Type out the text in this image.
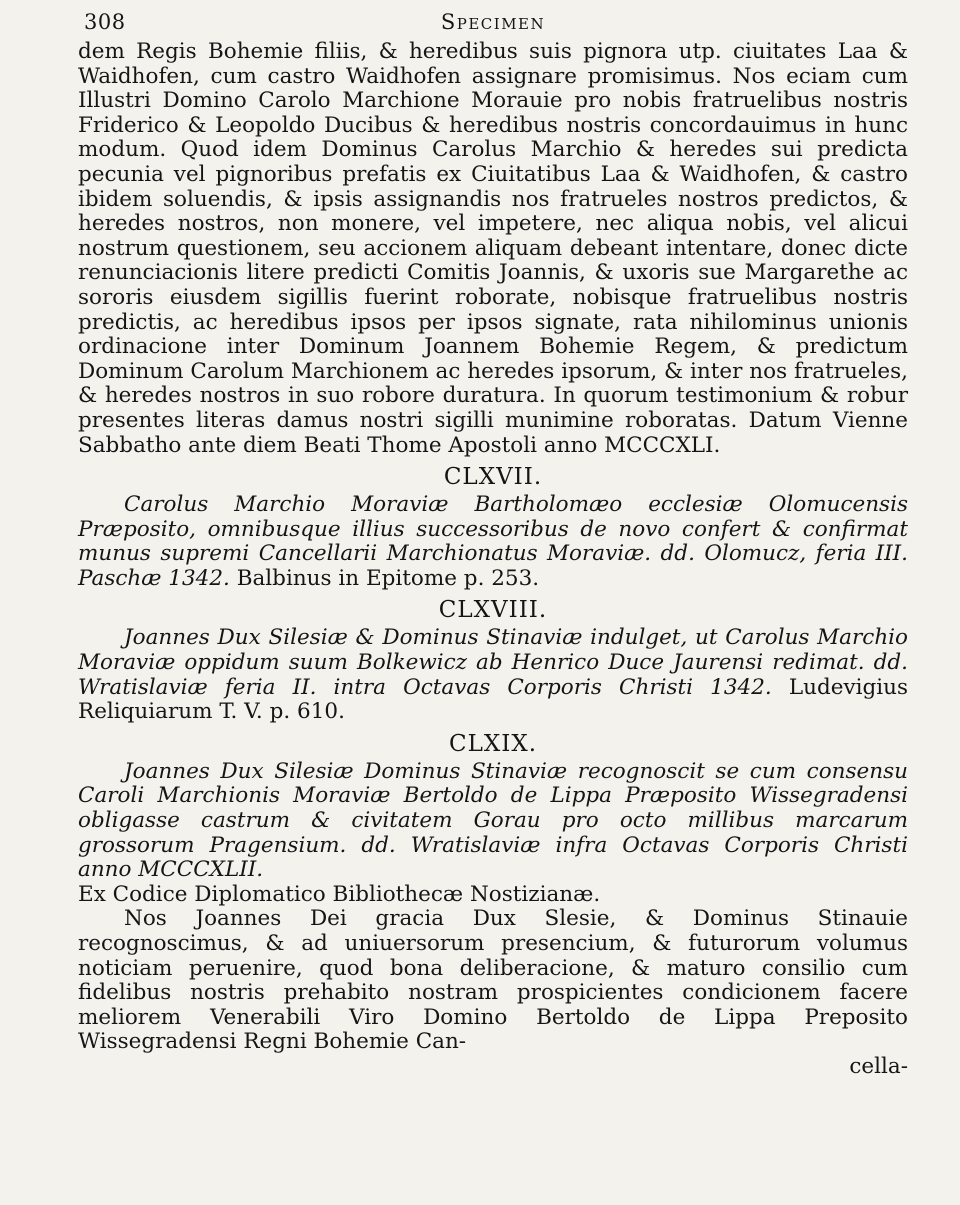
308	Specimen

dem Regis Bohemie filiis, & heredibus suis pignora utp. ciuitates Laa & Waidhofen, cum castro Waidhofen assignare promisimus. Nos eciam cum Illustri Domino Carolo Marchione Morauie pro nobis fratruelibus nostris Friderico & Leopoldo Ducibus & heredibus nostris concordauimus in hunc modum. Quod idem Dominus Carolus Marchio & heredes sui predicta pecunia vel pignoribus prefatis ex Ciuitatibus Laa & Waidhofen, & castro ibidem soluendis, & ipsis assignandis nos fratrueles nostros predictos, & heredes nostros, non monere, vel impetere, nec aliqua nobis, vel alicui nostrum questionem, seu accionem aliquam debeant intentare, donec dicte renunciacionis litere predicti Comitis Joannis, & uxoris sue Margarethe ac sororis eiusdem sigillis fuerint roborate, nobisque fratruelibus nostris predictis, ac heredibus ipsos per ipsos signate, rata nihilominus unionis ordinacione inter Dominum Joannem Bohemie Regem, & predictum Dominum Carolum Marchionem ac heredes ipsorum, & inter nos fratrueles, & heredes nostros in suo robore duratura. In quorum testimonium & robur presentes literas damus nostri sigilli munimine roboratas. Datum Vienne Sabbatho ante diem Beati Thome Apostoli anno MCCCXLI.

CLXVII.

Carolus Marchio Moraviæ Bartholomæo ecclesiæ Olomucensis Præposito, omnibusque illius successoribus de novo confert & confirmat munus supremi Cancellarii Marchionatus Moraviæ. dd. Olomucz, feria III. Paschæ 1342. Balbinus in Epitome p. 253.

CLXVIII.

Joannes Dux Silesiæ & Dominus Stinaviæ indulget, ut Carolus Marchio Moraviæ oppidum suum Bolkewicz ab Henrico Duce Jaurensi redimat. dd. Wratislaviæ feria II. intra Octavas Corporis Christi 1342. Ludevigius Reliquiarum T. V. p. 610.

CLXIX.

Joannes Dux Silesiæ Dominus Stinaviæ recognoscit se cum consensu Caroli Marchionis Moraviæ Bertoldo de Lippa Præposito Wissegradensi obligasse castrum & civitatem Gorau pro octo millibus marcarum grossorum Pragensium. dd. Wratislaviæ infra Octavas Corporis Christi anno MCCCXLII.

Ex Codice Diplomatico Bibliothecæ Nostizianæ.

Nos Joannes Dei gracia Dux Slesie, & Dominus Stinauie recognoscimus, & ad uniuersorum presencium, & futurorum volumus noticiam peruenire, quod bona deliberacione, & maturo consilio cum fidelibus nostris prehabito nostram prospicientes condicionem facere meliorem Venerabili Viro Domino Bertoldo de Lippa Preposito Wissegradensi Regni Bohemie Can-

cella-
